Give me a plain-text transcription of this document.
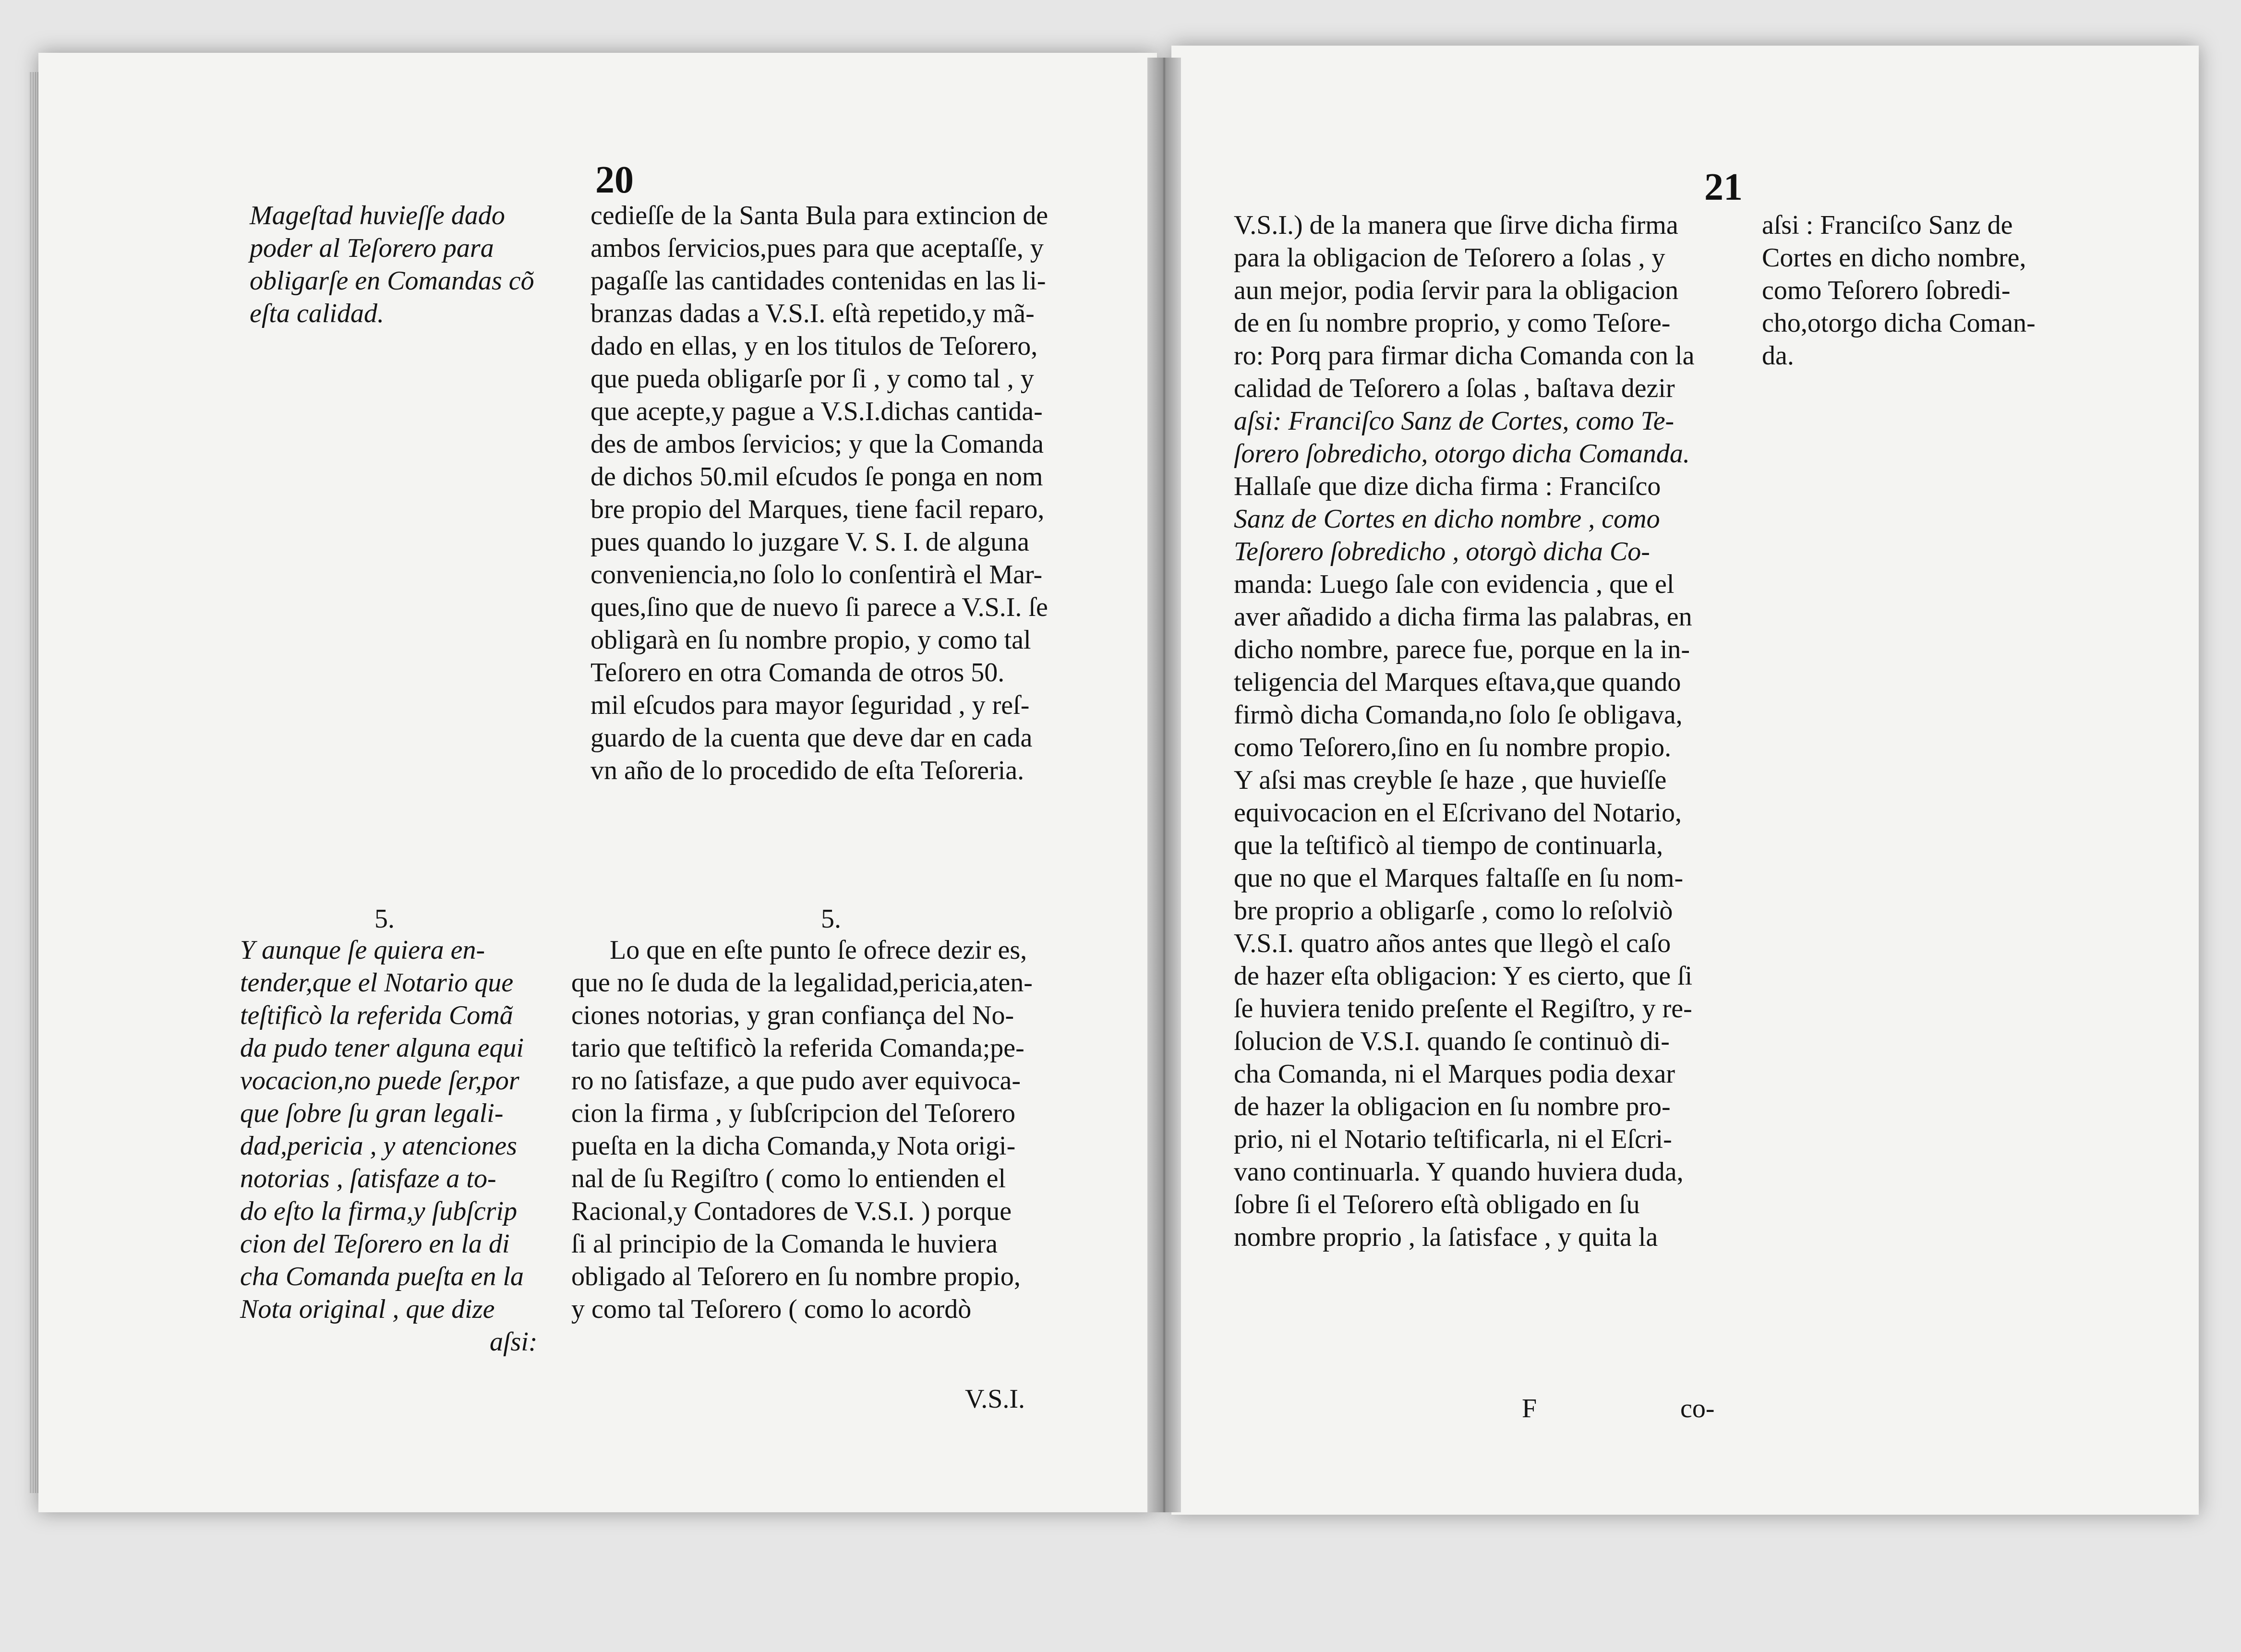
20
Mageſtad huvieſſe dado
poder al Teſorero para
obligarſe en Comandas cõ
eſta calidad.
cedieſſe de la Santa Bula para extincion de
ambos ſervicios,pues para que aceptaſſe, y
pagaſſe las cantidades contenidas en las li-
branzas dadas a V.S.I. eſtà repetido,y mã-
dado en ellas, y en los titulos de Teſorero,
que pueda obligarſe por ſi , y como tal , y
que acepte,y pague a V.S.I.dichas cantida-
des de ambos ſervicios; y que la Comanda
de dichos 50.mil eſcudos ſe ponga en nom
bre propio del Marques, tiene facil reparo,
pues quando lo juzgare V. S. I. de alguna
conveniencia,no ſolo lo conſentirà el Mar-
ques,ſino que de nuevo ſi parece a V.S.I. ſe
obligarà en ſu nombre propio, y como tal
Teſorero en otra Comanda de otros 50.
mil eſcudos para mayor ſeguridad , y reſ-
guardo de la cuenta que deve dar en cada
vn año de lo procedido de eſta Teſoreria.
5.
Y aunque ſe quiera en-
tender,que el Notario que
teſtificò la referida Comã
da pudo tener alguna equi
vocacion,no puede ſer,por
que ſobre ſu gran legali-
dad,pericia , y atenciones
notorias , ſatisfaze a to-
do eſto la firma,y ſubſcrip
cion del Teſorero en la di
cha Comanda pueſta en la
Nota original , que dize
aſsi:
5.
Lo que en eſte punto ſe ofrece dezir es,
que no ſe duda de la legalidad,pericia,aten-
ciones notorias, y gran confiança del No-
tario que teſtificò la referida Comanda;pe-
ro no ſatisfaze, a que pudo aver equivoca-
cion la firma , y ſubſcripcion del Teſorero
pueſta en la dicha Comanda,y Nota origi-
nal de ſu Regiſtro ( como lo entienden el
Racional,y Contadores de V.S.I. ) porque
ſi al principio de la Comanda le huviera
obligado al Teſorero en ſu nombre propio,
y como tal Teſorero ( como lo acordò
V.S.I.
21
V.S.I.) de la manera que ſirve dicha firma
para la obligacion de Teſorero a ſolas , y
aun mejor, podia ſervir para la obligacion
de en ſu nombre proprio, y como Teſore-
ro: Porq para firmar dicha Comanda con la
calidad de Teſorero a ſolas , baſtava dezir
aſsi: Franciſco Sanz de Cortes, como Te-
ſorero ſobredicho, otorgo dicha Comanda.
Hallaſe que dize dicha firma : Franciſco
Sanz de Cortes en dicho nombre , como
Teſorero ſobredicho , otorgò dicha Co-
manda: Luego ſale con evidencia , que el
aver añadido a dicha firma las palabras, en
dicho nombre, parece fue, porque en la in-
teligencia del Marques eſtava,que quando
firmò dicha Comanda,no ſolo ſe obligava,
como Teſorero,ſino en ſu nombre propio.
Y aſsi mas creyble ſe haze , que huvieſſe
equivocacion en el Eſcrivano del Notario,
que la teſtificò al tiempo de continuarla,
que no que el Marques faltaſſe en ſu nom-
bre proprio a obligarſe , como lo reſolviò
V.S.I. quatro años antes que llegò el caſo
de hazer eſta obligacion: Y es cierto, que ſi
ſe huviera tenido preſente el Regiſtro, y re-
ſolucion de V.S.I. quando ſe continuò di-
cha Comanda, ni el Marques podia dexar
de hazer la obligacion en ſu nombre pro-
prio, ni el Notario teſtificarla, ni el Eſcri-
vano continuarla. Y quando huviera duda,
ſobre ſi el Teſorero eſtà obligado en ſu
nombre proprio , la ſatisface , y quita la
aſsi : Franciſco Sanz de
Cortes en dicho nombre,
como Teſorero ſobredi-
cho,otorgo dicha Coman-
da.
F	co-
